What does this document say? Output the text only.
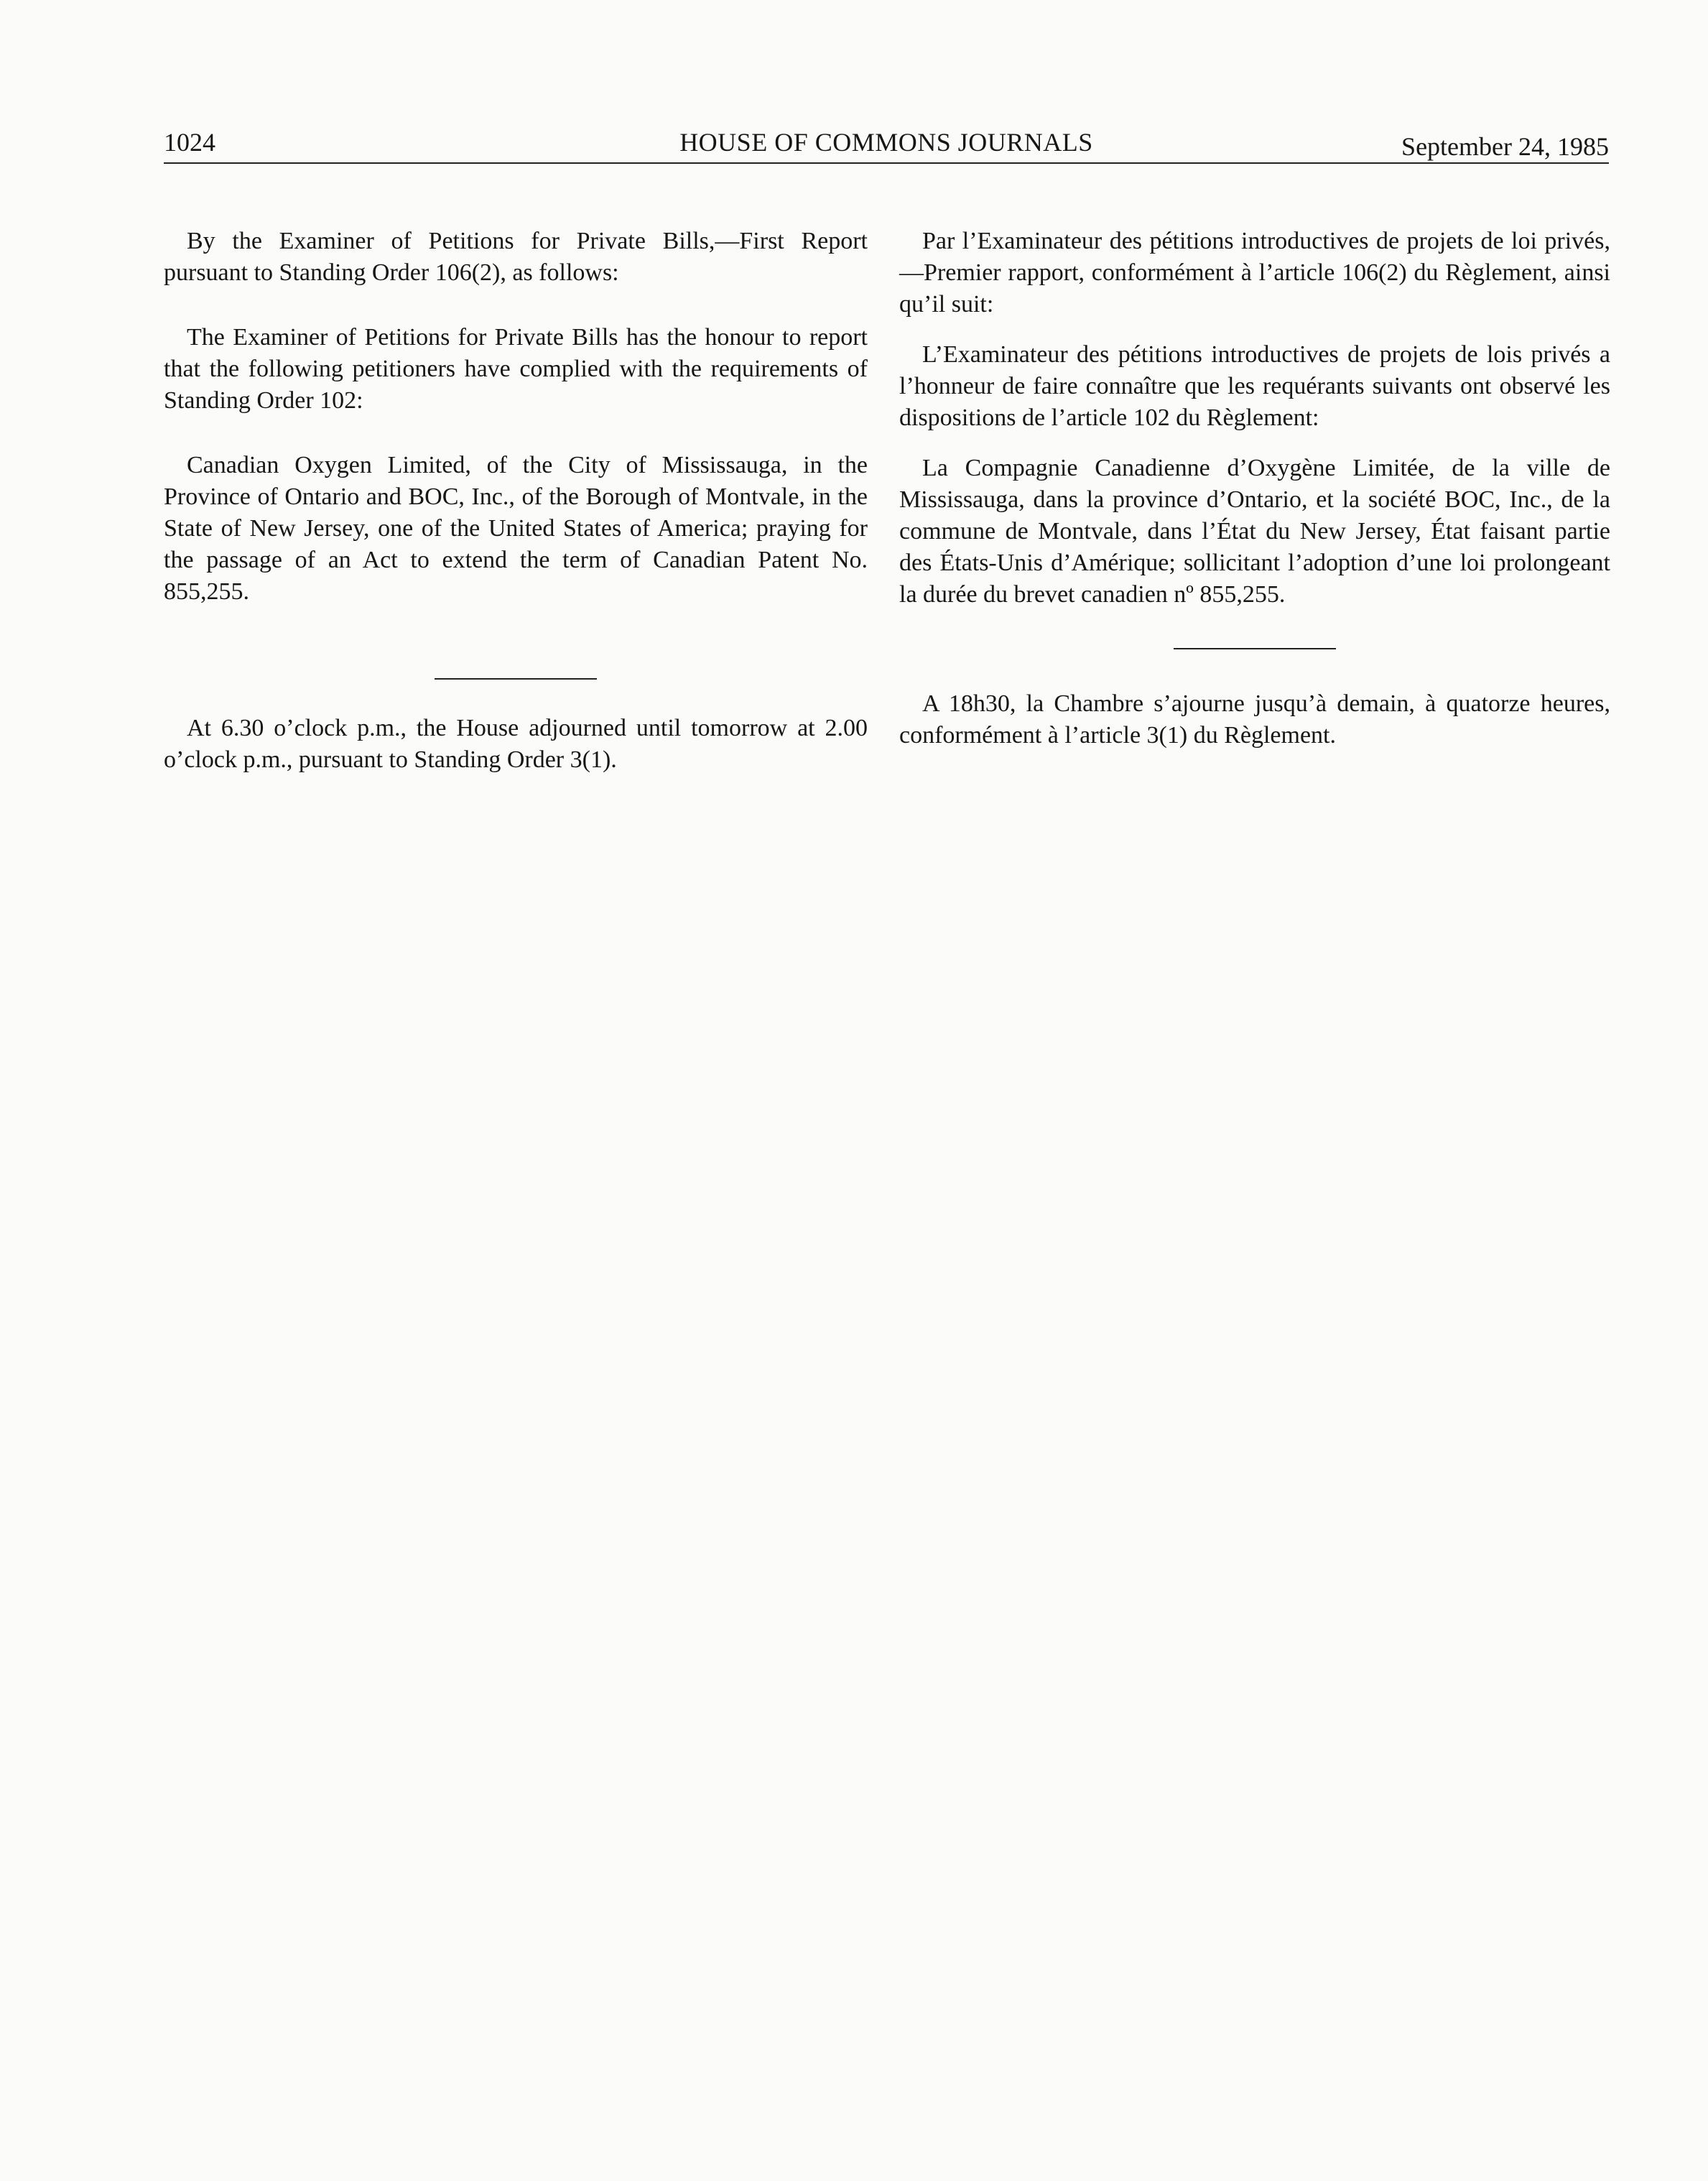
1024	HOUSE OF COMMONS JOURNALS	September 24, 1985

By the Examiner of Petitions for Private Bills,—First Report pursuant to Standing Order 106(2), as follows:

The Examiner of Petitions for Private Bills has the honour to report that the following petitioners have complied with the requirements of Standing Order 102:

Canadian Oxygen Limited, of the City of Mississauga, in the Province of Ontario and BOC, Inc., of the Borough of Montvale, in the State of New Jersey, one of the United States of America; praying for the passage of an Act to extend the term of Canadian Patent No. 855,255.

At 6.30 o’clock p.m., the House adjourned until tomorrow at 2.00 o’clock p.m., pursuant to Standing Order 3(1).

Par l’Examinateur des pétitions introductives de projets de loi privés,—Premier rapport, conformément à l’article 106(2) du Règlement, ainsi qu’il suit:

L’Examinateur des pétitions introductives de projets de lois privés a l’honneur de faire connaître que les requérants suivants ont observé les dispositions de l’article 102 du Règlement:

La Compagnie Canadienne d’Oxygène Limitée, de la ville de Mississauga, dans la province d’Ontario, et la société BOC, Inc., de la commune de Montvale, dans l’État du New Jersey, État faisant partie des États-Unis d’Amérique; sollicitant l’adoption d’une loi prolongeant la durée du brevet canadien nº 855,255.

A 18h30, la Chambre s’ajourne jusqu’à demain, à quatorze heures, conformément à l’article 3(1) du Règlement.
